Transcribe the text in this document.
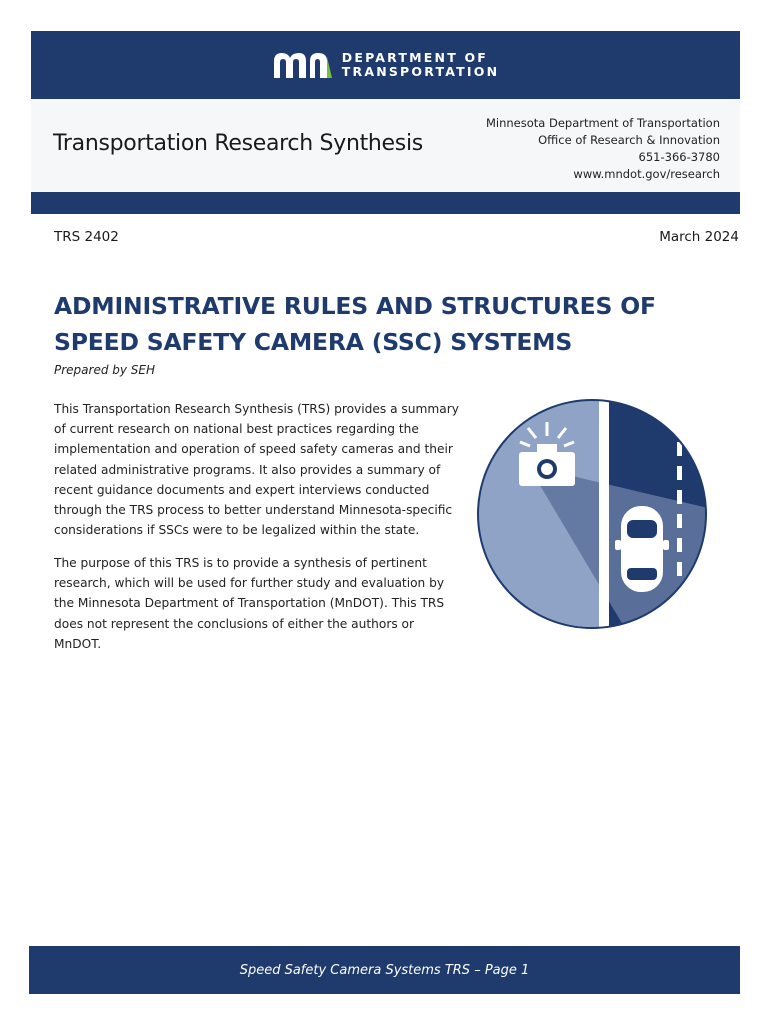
DEPARTMENT OF
TRANSPORTATION
Transportation Research Synthesis
Minnesota Department of Transportation
Office of Research & Innovation
651-366-3780
www.mndot.gov/research
TRS 2402	March 2024
ADMINISTRATIVE RULES AND STRUCTURES OF
SPEED SAFETY CAMERA (SSC) SYSTEMS
Prepared by SEH

This Transportation Research Synthesis (TRS) provides a summary of current research on national best practices regarding the implementation and operation of speed safety cameras and their related administrative programs. It also provides a summary of recent guidance documents and expert interviews conducted through the TRS process to better understand Minnesota-specific considerations if SSCs were to be legalized within the state.

The purpose of this TRS is to provide a synthesis of pertinent research, which will be used for further study and evaluation by the Minnesota Department of Transportation (MnDOT). This TRS does not represent the conclusions of either the authors or MnDOT.

Speed Safety Camera Systems TRS – Page 1
